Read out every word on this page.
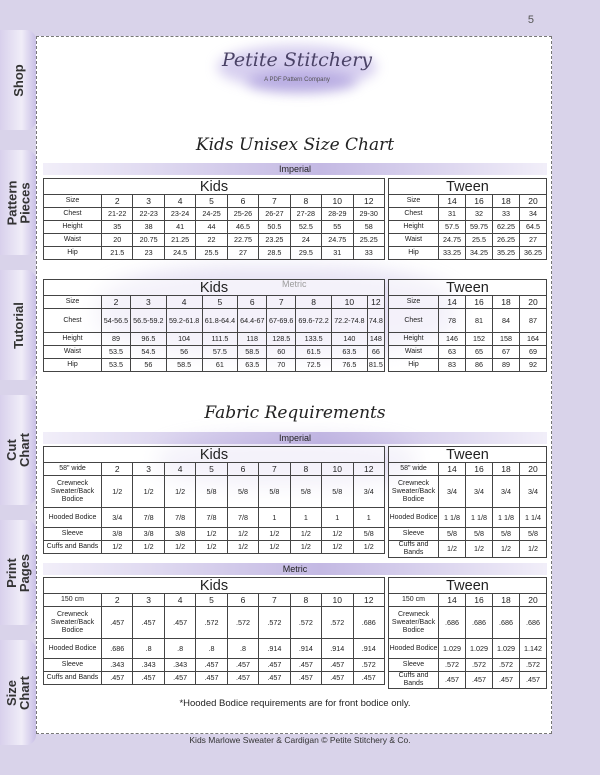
5
Shop
Pattern
Pieces
Tutorial
Cut
Chart
Print
Pages
Size
Chart
Petite Stitchery
A PDF Pattern Company
Kids Unisex Size Chart
Imperial
Kids									
Size	2	3	4	5	6	7	8	10	12
Chest	21-22	22-23	23-24	24-25	25-26	26-27	27-28	28-29	29-30
Height	35	38	41	44	46.5	50.5	52.5	55	58
Waist	20	20.75	21.25	22	22.75	23.25	24	24.75	25.25
Hip	21.5	23	24.5	25.5	27	28.5	29.5	31	33
Tween				
Size	14	16	18	20
Chest	31	32	33	34
Height	57.5	59.75	62.25	64.5
Waist	24.75	25.5	26.25	27
Hip	33.25	34.25	35.25	36.25
Kids									
Size	2	3	4	5	6	7	8	10	12
Chest	54-56.5	56.5-59.2	59.2-61.8	61.8-64.4	64.4-67	67-69.6	69.6-72.2	72.2-74.8	74.8
Height	89	96.5	104	111.5	118	128.5	133.5	140	148
Waist	53.5	54.5	56	57.5	58.5	60	61.5	63.5	66
Hip	53.5	56	58.5	61	63.5	70	72.5	76.5	81.5
Tween				
Size	14	16	18	20
Chest	78	81	84	87
Height	146	152	158	164
Waist	63	65	67	69
Hip	83	86	89	92
Fabric Requirements
Imperial
Kids									
58" wide	2	3	4	5	6	7	8	10	12
Crewneck Sweater/Back Bodice	1/2	1/2	1/2	5/8	5/8	5/8	5/8	5/8	3/4
Hooded Bodice	3/4	7/8	7/8	7/8	7/8	1	1	1	1
Sleeve	3/8	3/8	3/8	1/2	1/2	1/2	1/2	1/2	5/8
Cuffs and Bands	1/2	1/2	1/2	1/2	1/2	1/2	1/2	1/2	1/2
Tween				
58" wide	14	16	18	20
Crewneck Sweater/Back Bodice	3/4	3/4	3/4	3/4
Hooded Bodice	1 1/8	1 1/8	1 1/8	1 1/4
Sleeve	5/8	5/8	5/8	5/8
Cuffs and Bands	1/2	1/2	1/2	1/2
Metric
Kids									
150 cm	2	3	4	5	6	7	8	10	12
Crewneck Sweater/Back Bodice	.457	.457	.457	.572	.572	.572	.572	.572	.686
Hooded Bodice	.686	.8	.8	.8	.8	.914	.914	.914	.914
Sleeve	.343	.343	.343	.457	.457	.457	.457	.457	.572
Cuffs and Bands	.457	.457	.457	.457	.457	.457	.457	.457	.457
Tween				
150 cm	14	16	18	20
Crewneck Sweater/Back Bodice	.686	.686	.686	.686
Hooded Bodice	1.029	1.029	1.029	1.142
Sleeve	.572	.572	.572	.572
Cuffs and Bands	.457	.457	.457	.457
*Hooded Bodice requirements are for front bodice only.
Kids Marlowe Sweater & Cardigan © Petite Stitchery & Co.
